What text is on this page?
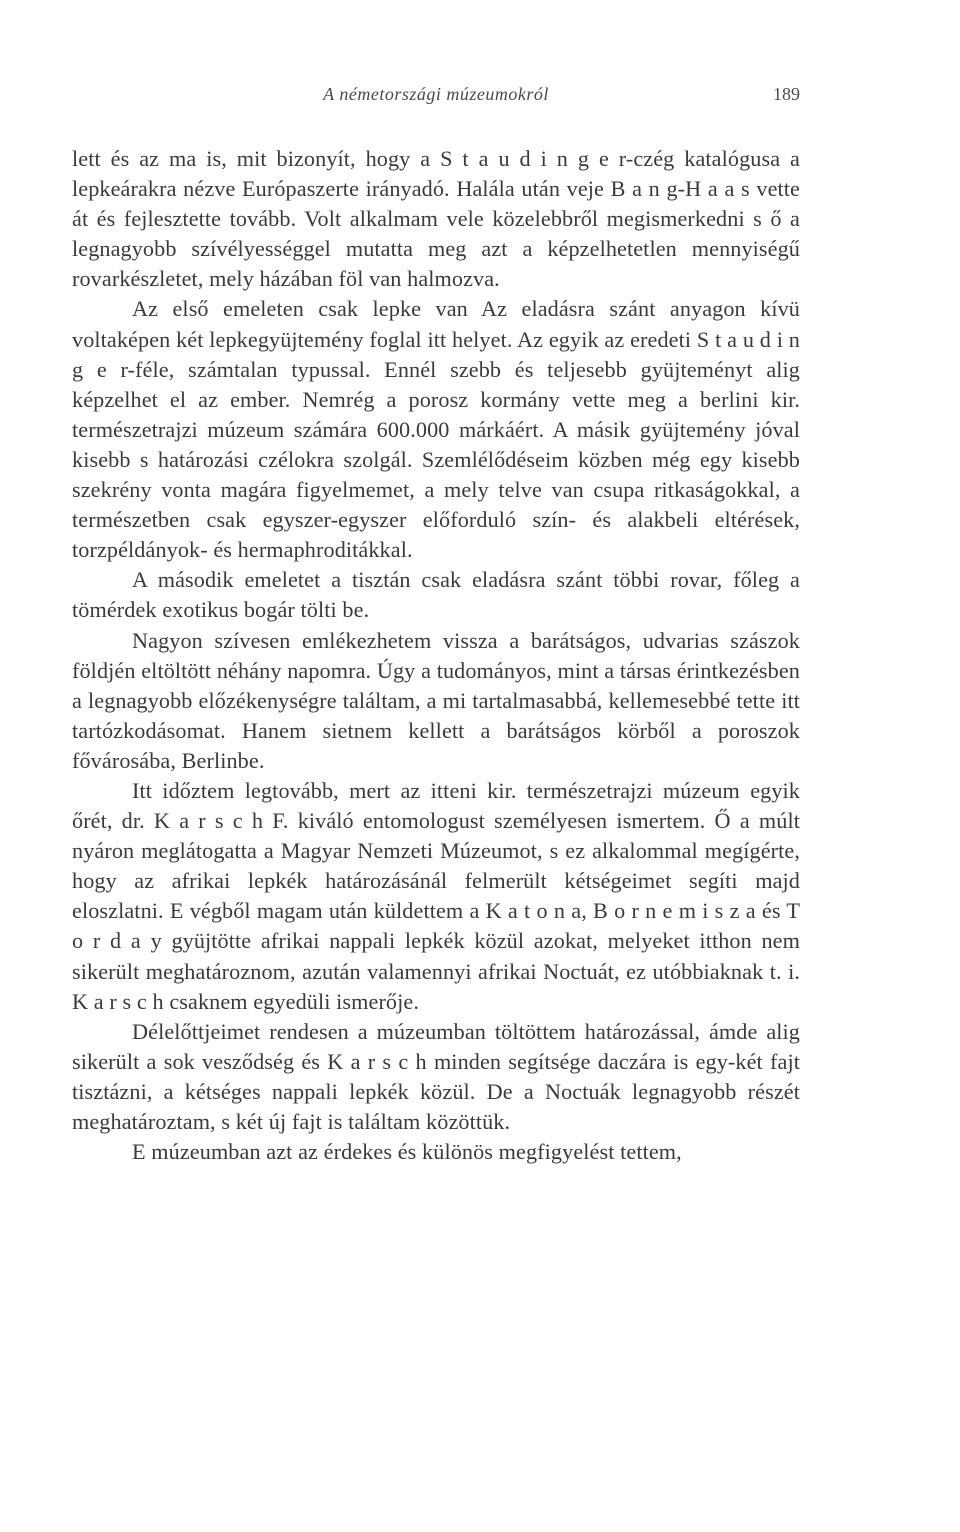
A németországi múzeumokról	189

lett és az ma is, mit bizonyít, hogy a S t a u d i n g e r-czég katalógusa a lepkeárakra nézve Európaszerte irányadó. Halála után veje B a n g-H a a s vette át és fejlesztette tovább. Volt alkalmam vele közelebbről megismerkedni s ő a legnagyobb szívélyességgel mutatta meg azt a képzelhetetlen mennyiségű rovarkészletet, mely házában föl van halmozva.

Az első emeleten csak lepke van Az eladásra szánt anyagon kívü voltaképen két lepkegyüjtemény foglal itt helyet. Az egyik az eredeti S t a u d i n g e r-féle, számtalan typussal. Ennél szebb és teljesebb gyüjteményt alig képzelhet el az ember. Nemrég a porosz kormány vette meg a berlini kir. természetrajzi múzeum számára 600.000 márkáért. A másik gyüjtemény jóval kisebb s határozási czélokra szolgál. Szemlélődéseim közben még egy kisebb szekrény vonta magára figyelmemet, a mely telve van csupa ritkaságokkal, a természetben csak egyszer-egyszer előforduló szín- és alakbeli eltérések, torzpéldányok- és hermaphroditákkal.

A második emeletet a tisztán csak eladásra szánt többi rovar, főleg a tömérdek exotikus bogár tölti be.

Nagyon szívesen emlékezhetem vissza a barátságos, udvarias szászok földjén eltöltött néhány napomra. Úgy a tudományos, mint a társas érintkezésben a legnagyobb előzékenységre találtam, a mi tartalmasabbá, kellemesebbé tette itt tartózkodásomat. Hanem sietnem kellett a barátságos körből a poroszok fővárosába, Berlinbe.

Itt időztem legtovább, mert az itteni kir. természetrajzi múzeum egyik őrét, dr. K a r s c h F. kiváló entomologust személyesen ismertem. Ő a múlt nyáron meglátogatta a Magyar Nemzeti Múzeumot, s ez alkalommal megígérte, hogy az afrikai lepkék határozásánál felmerült kétségeimet segíti majd eloszlatni. E végből magam után küldettem a K a t o n a, B o r n e m i s z a és T o r d a y gyüjtötte afrikai nappali lepkék közül azokat, melyeket itthon nem sikerült meghatároznom, azután valamennyi afrikai Noctuát, ez utóbbiaknak t. i. K a r s c h csaknem egyedüli ismerője.

Délelőttjeimet rendesen a múzeumban töltöttem határozással, ámde alig sikerült a sok vesződség és K a r s c h minden segítsége daczára is egy-két fajt tisztázni, a kétséges nappali lepkék közül. De a Noctuák legnagyobb részét meghatároztam, s két új fajt is találtam közöttük.

E múzeumban azt az érdekes és különös megfigyelést tettem,
